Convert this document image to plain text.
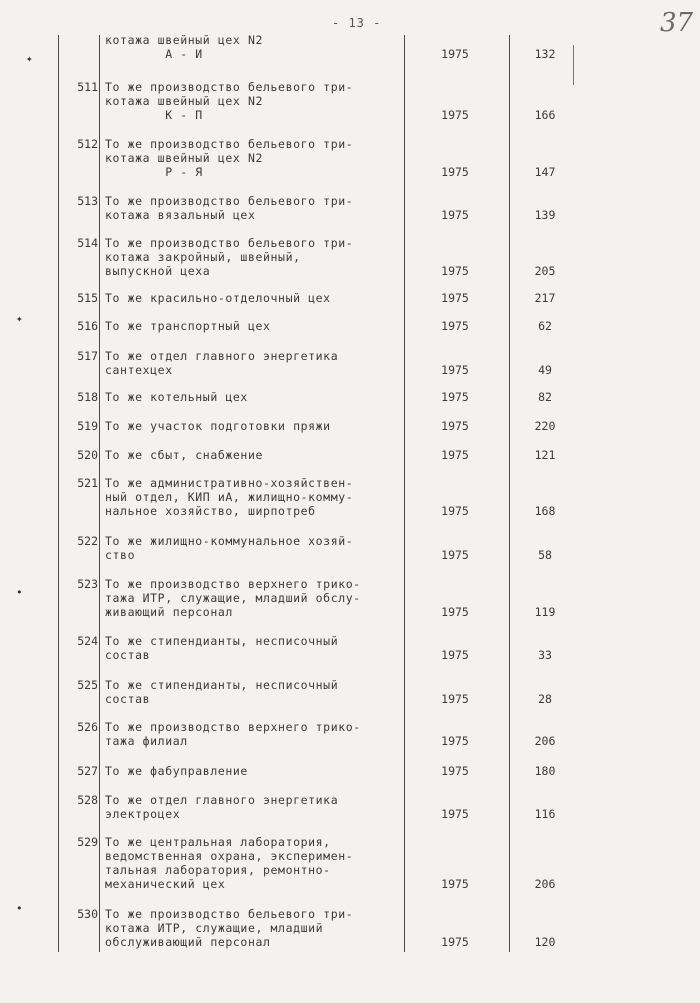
- 13 -	37
✦
✦
•
•
котажа швейный цех N2
А - И	1975	132
511 То же производство бельевого три-
котажа швейный цех N2
К - П	1975	166
512 То же производство бельевого три-
котажа швейный цех N2
Р - Я	1975	147
513 То же производство бельевого три-
котажа вязальный цех	1975	139
514 То же производство бельевого три-
котажа закройный, швейный,
выпускной цеха	1975	205
515 То же красильно-отделочный цех	1975	217
516 То же транспортный цех	1975	62
517 То же отдел главного энергетика
сантехцех	1975	49
518 То же котельный цех	1975	82
519 То же участок подготовки пряжи	1975	220
520 То же сбыт, снабжение	1975	121
521 То же административно-хозяйствен-
ный отдел, КИП иА, жилищно-комму-
нальное хозяйство, ширпотреб	1975	168
522 То же жилищно-коммунальное хозяй-
ство	1975	58
523 То же производство верхнего трико-
тажа ИТР, служащие, младший обслу-
живающий персонал	1975	119
524 То же стипендианты, несписочный
состав	1975	33
525 То же стипендианты, несписочный
состав	1975	28
526 То же производство верхнего трико-
тажа филиал	1975	206
527 То же фабуправление	1975	180
528 То же отдел главного энергетика
электроцех	1975	116
529 То же центральная лаборатория,
ведомственная охрана, эксперимен-
тальная лаборатория, ремонтно-
механический цех	1975	206
530 То же производство бельевого три-
котажа ИТР, служащие, младший
обслуживающий персонал	1975	120
